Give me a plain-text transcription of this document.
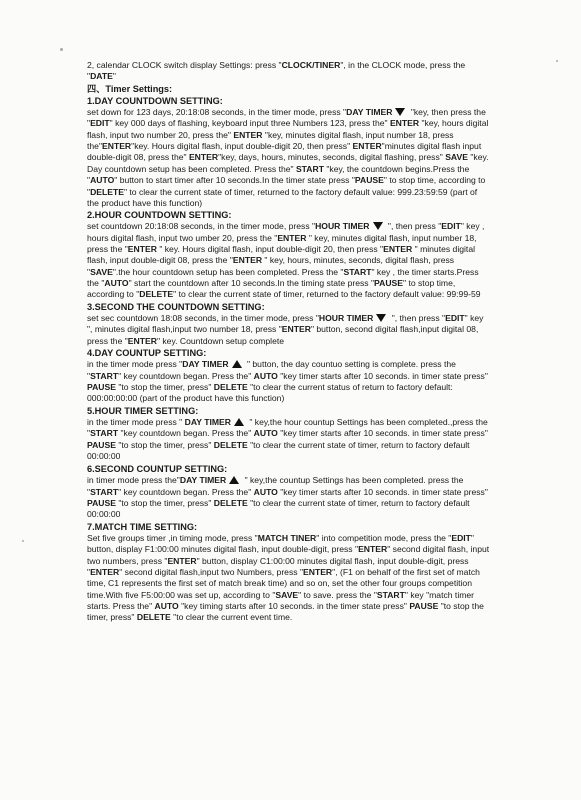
2, calendar CLOCK switch display Settings: press "CLOCK/TINER", in the CLOCK mode, press the "DATE"

四、Timer Settings:
1.DAY COUNTDOWN SETTING:

set down for 123 days, 20:18:08 seconds, in the timer mode, press "DAY TIMER "key, then press the "EDIT" key 000 days of flashing, keyboard input three Numbers 123, press the" ENTER "key, hours digital flash, input two number 20, press the" ENTER "key, minutes digital flash, input number 18, press the"ENTER"key. Hours digital flash, input double-digit 20, then press" ENTER"minutes digital flash input double-digit 08, press the" ENTER"key, days, hours, minutes, seconds, digital flashing, press" SAVE "key. Day countdown setup has been completed. Press the" START "key, the countdown begins.Press the "AUTO" button to start timer after 10 seconds.In the timer state press "PAUSE" to stop time, according to "DELETE" to clear the current state of timer, returned to the factory default value: 999.23:59:59 (part of the product have this function)

2.HOUR COUNTDOWN SETTING:

set countdown 20:18:08 seconds, in the timer mode, press "HOUR TIMER ", then press "EDIT" key , hours digital flash, input two umber 20, press the "ENTER " key, minutes digital flash, input number 18, press the "ENTER " key. Hours digital flash, input double-digit 20, then press "ENTER " minutes digital flash, input double-digit 08, press the "ENTER " key, hours, minutes, seconds, digital flash, press "SAVE".the hour countdown setup has been completed. Press the "START" key , the timer starts.Press the "AUTO" start the countdown after 10 seconds.In the timing state press "PAUSE" to stop time, according to "DELETE" to clear the current state of timer, returned to the factory default value: 99:99-59

3.SECOND THE COUNTDOWN SETTING:

set sec countdown 18:08 seconds, in the timer mode, press "HOUR TIMER ", then press "EDIT" key ", minutes digital flash,input two number 18, press "ENTER" button, second digital flash,input digital 08, press the "ENTER" key. Countdown setup complete

4.DAY COUNTUP SETTING:

in the timer mode press "DAY TIMER " button, the day countuo setting is complete. press the "START" key countdown began. Press the" AUTO "key timer starts after 10 seconds. in timer state press" PAUSE "to stop the timer, press" DELETE "to clear the current status of return to factory default: 000:00:00:00 (part of the product have this function)

5.HOUR TIMER SETTING:

in the timer mode press " DAY TIMER " key,the hour countup Settings has been completed.,press the "START "key countdown began. Press the" AUTO "key timer starts after 10 seconds. in timer state press" PAUSE "to stop the timer, press" DELETE "to clear the current state of timer, return to factory default 00:00:00

6.SECOND COUNTUP SETTING:

in timer mode press the"DAY TIMER " key,the countup Settings has been completed. press the "START" key countdown began. Press the" AUTO "key timer starts after 10 seconds. in timer state press" PAUSE "to stop the timer, press" DELETE "to clear the current state of timer, return to factory default 00:00:00

7.MATCH TIME SETTING:

Set five groups timer ,in timing mode, press "MATCH TINER" into competition mode, press the "EDIT" button, display F1:00:00 minutes digital flash, input double-digit, press "ENTER" second digital flash, input two numbers, press "ENTER" button, display C1:00:00 minutes digital flash, input double-digit, press "ENTER" second digital flash,input two Numbers, press "ENTER", (F1 on behalf of the first set of match time, C1 represents the first set of match break time) and so on, set the other four groups competition time.With five F5:00:00 was set up, according to "SAVE" to save. press the "START" key "match timer starts. Press the" AUTO "key timing starts after 10 seconds. in the timer state press" PAUSE "to stop the timer, press" DELETE "to clear the current event time.
